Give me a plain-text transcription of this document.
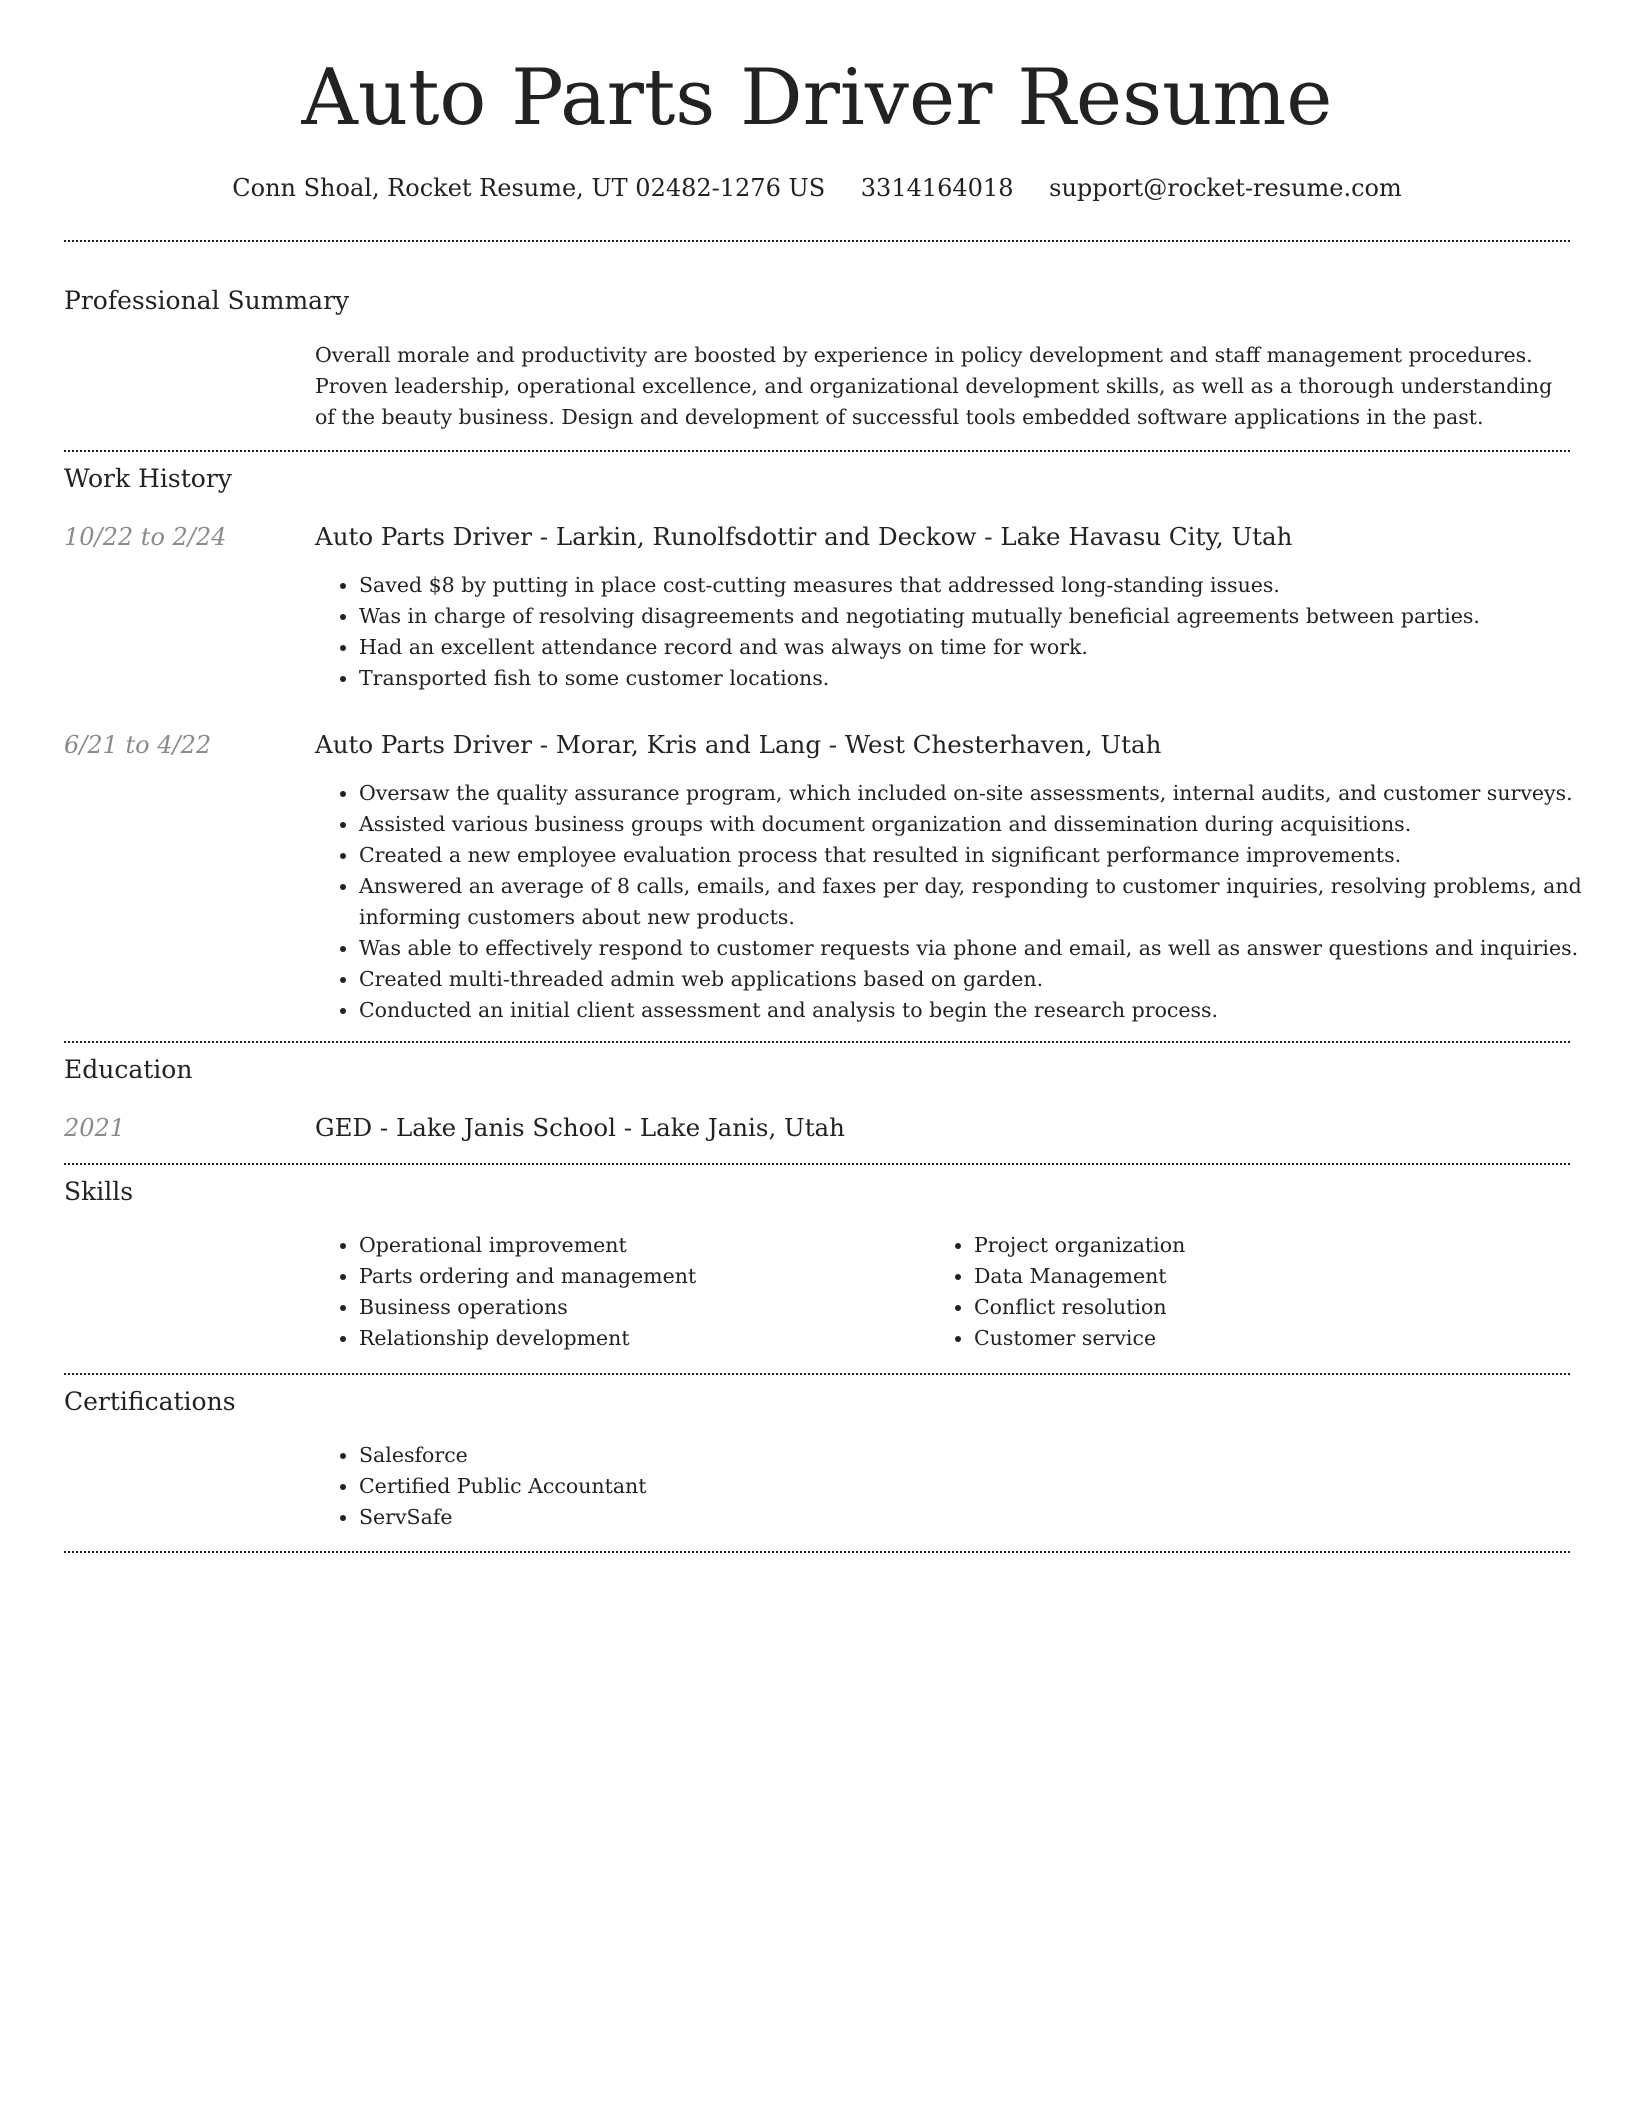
Auto Parts Driver Resume
Conn Shoal, Rocket Resume, UT 02482-1276 US 3314164018 support@rocket-resume.com
Professional Summary
Overall morale and productivity are boosted by experience in policy development and staff management procedures. Proven leadership, operational excellence, and organizational development skills, as well as a thorough understanding of the beauty business. Design and development of successful tools embedded software applications in the past.
Work History
10/22 to 2/24	Auto Parts Driver - Larkin, Runolfsdottir and Deckow - Lake Havasu City, Utah
• Saved $8 by putting in place cost-cutting measures that addressed long-standing issues.
• Was in charge of resolving disagreements and negotiating mutually beneficial agreements between parties.
• Had an excellent attendance record and was always on time for work.
• Transported fish to some customer locations.
6/21 to 4/22	Auto Parts Driver - Morar, Kris and Lang - West Chesterhaven, Utah
• Oversaw the quality assurance program, which included on-site assessments, internal audits, and customer surveys.
• Assisted various business groups with document organization and dissemination during acquisitions.
• Created a new employee evaluation process that resulted in significant performance improvements.
• Answered an average of 8 calls, emails, and faxes per day, responding to customer inquiries, resolving problems, and informing customers about new products.
• Was able to effectively respond to customer requests via phone and email, as well as answer questions and inquiries.
• Created multi-threaded admin web applications based on garden.
• Conducted an initial client assessment and analysis to begin the research process.
Education
2021	GED - Lake Janis School - Lake Janis, Utah
Skills
• Operational improvement
• Parts ordering and management
• Business operations
• Relationship development
• Project organization
• Data Management
• Conflict resolution
• Customer service
Certifications
• Salesforce
• Certified Public Accountant
• ServSafe
